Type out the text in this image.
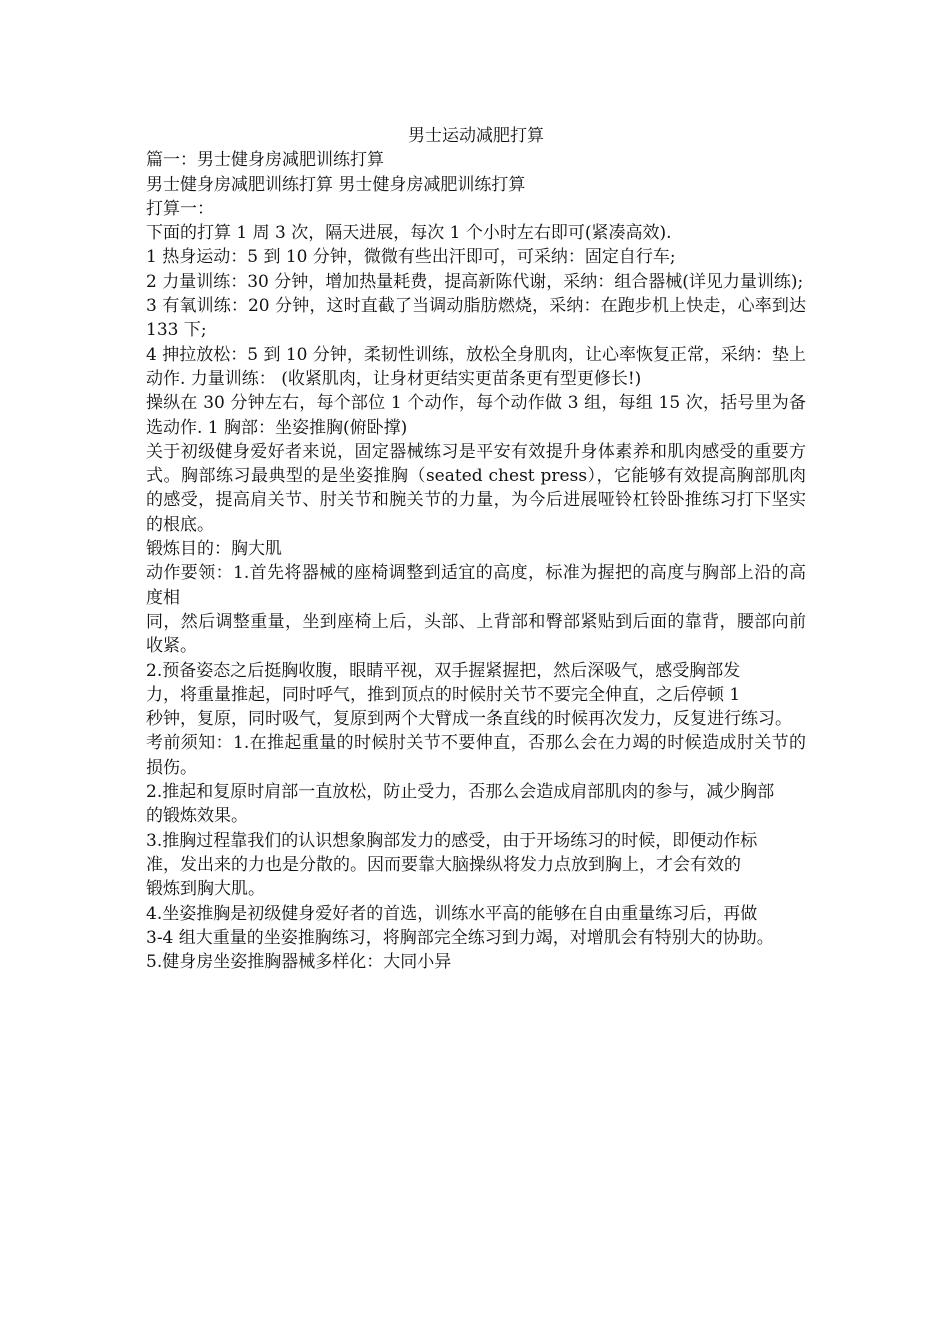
男士运动减肥打算

篇一：男士健身房减肥训练打算

男士健身房减肥训练打算 男士健身房减肥训练打算

打算一：

下面的打算 1 周 3 次，隔天进展，每次 1 个小时左右即可(紧凑高效).

1 热身运动：5 到 10 分钟，微微有些出汗即可，可采纳：固定自行车;

2 力量训练：30 分钟，增加热量耗费，提高新陈代谢，采纳：组合器械(详见力量训练);

3 有氧训练：20 分钟，这时直截了当调动脂肪燃烧，采纳：在跑步机上快走，心率到达 133 下;

4 抻拉放松：5 到 10 分钟，柔韧性训练，放松全身肌肉，让心率恢复正常，采纳：垫上动作. 力量训练： (收紧肌肉，让身材更结实更苗条更有型更修长!)

操纵在 30 分钟左右，每个部位 1 个动作，每个动作做 3 组，每组 15 次，括号里为备选动作. 1 胸部：坐姿推胸(俯卧撑)

关于初级健身爱好者来说，固定器械练习是平安有效提升身体素养和肌肉感受的重要方式。胸部练习最典型的是坐姿推胸（seated chest press），它能够有效提高胸部肌肉的感受，提高肩关节、肘关节和腕关节的力量，为今后进展哑铃杠铃卧推练习打下坚实的根底。

锻炼目的：胸大肌

动作要领：1.首先将器械的座椅调整到适宜的高度，标准为握把的高度与胸部上沿的高度相

同，然后调整重量，坐到座椅上后，头部、上背部和臀部紧贴到后面的靠背，腰部向前收紧。

2.预备姿态之后挺胸收腹，眼睛平视，双手握紧握把，然后深吸气，感受胸部发

力，将重量推起，同时呼气，推到顶点的时候肘关节不要完全伸直，之后停顿 1

秒钟，复原，同时吸气，复原到两个大臂成一条直线的时候再次发力，反复进行练习。

考前须知：1.在推起重量的时候肘关节不要伸直，否那么会在力竭的时候造成肘关节的损伤。

2.推起和复原时肩部一直放松，防止受力，否那么会造成肩部肌肉的参与，减少胸部

的锻炼效果。

3.推胸过程靠我们的认识想象胸部发力的感受，由于开场练习的时候，即便动作标

准，发出来的力也是分散的。因而要靠大脑操纵将发力点放到胸上，才会有效的

锻炼到胸大肌。

4.坐姿推胸是初级健身爱好者的首选，训练水平高的能够在自由重量练习后，再做

3-4 组大重量的坐姿推胸练习，将胸部完全练习到力竭，对增肌会有特别大的协助。

5.健身房坐姿推胸器械多样化：大同小异
